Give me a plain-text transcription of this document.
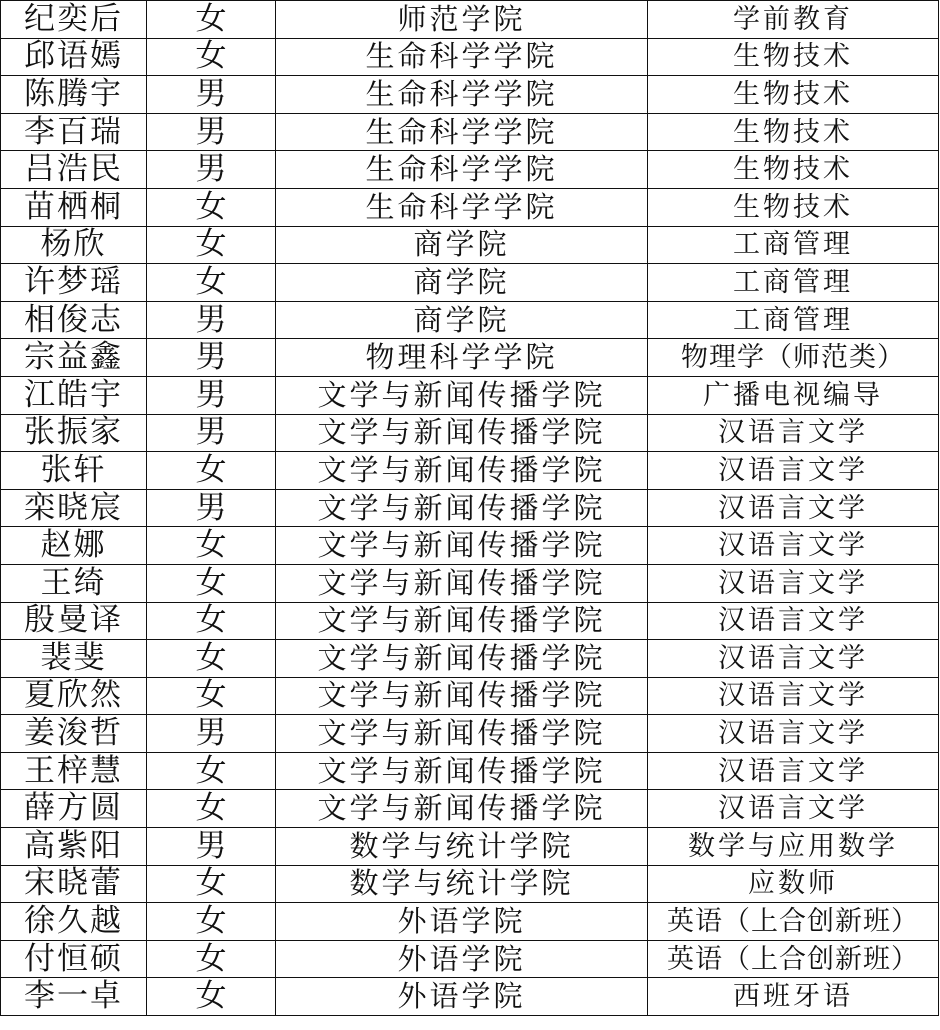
纪奕后	女	师范学院	学前教育
邱语嫣	女	生命科学学院	生物技术
陈腾宇	男	生命科学学院	生物技术
李百瑞	男	生命科学学院	生物技术
吕浩民	男	生命科学学院	生物技术
苗栖桐	女	生命科学学院	生物技术
杨欣	女	商学院	工商管理
许梦瑶	女	商学院	工商管理
相俊志	男	商学院	工商管理
宗益鑫	男	物理科学学院	物理学（师范类）
江皓宇	男	文学与新闻传播学院	广播电视编导
张振家	男	文学与新闻传播学院	汉语言文学
张轩	女	文学与新闻传播学院	汉语言文学
栾晓宸	男	文学与新闻传播学院	汉语言文学
赵娜	女	文学与新闻传播学院	汉语言文学
王绮	女	文学与新闻传播学院	汉语言文学
殷曼译	女	文学与新闻传播学院	汉语言文学
裴斐	女	文学与新闻传播学院	汉语言文学
夏欣然	女	文学与新闻传播学院	汉语言文学
姜浚哲	男	文学与新闻传播学院	汉语言文学
王梓慧	女	文学与新闻传播学院	汉语言文学
薛方圆	女	文学与新闻传播学院	汉语言文学
高紫阳	男	数学与统计学院	数学与应用数学
宋晓蕾	女	数学与统计学院	应数师
徐久越	女	外语学院	英语（上合创新班）
付恒硕	女	外语学院	英语（上合创新班）
李一卓	女	外语学院	西班牙语
